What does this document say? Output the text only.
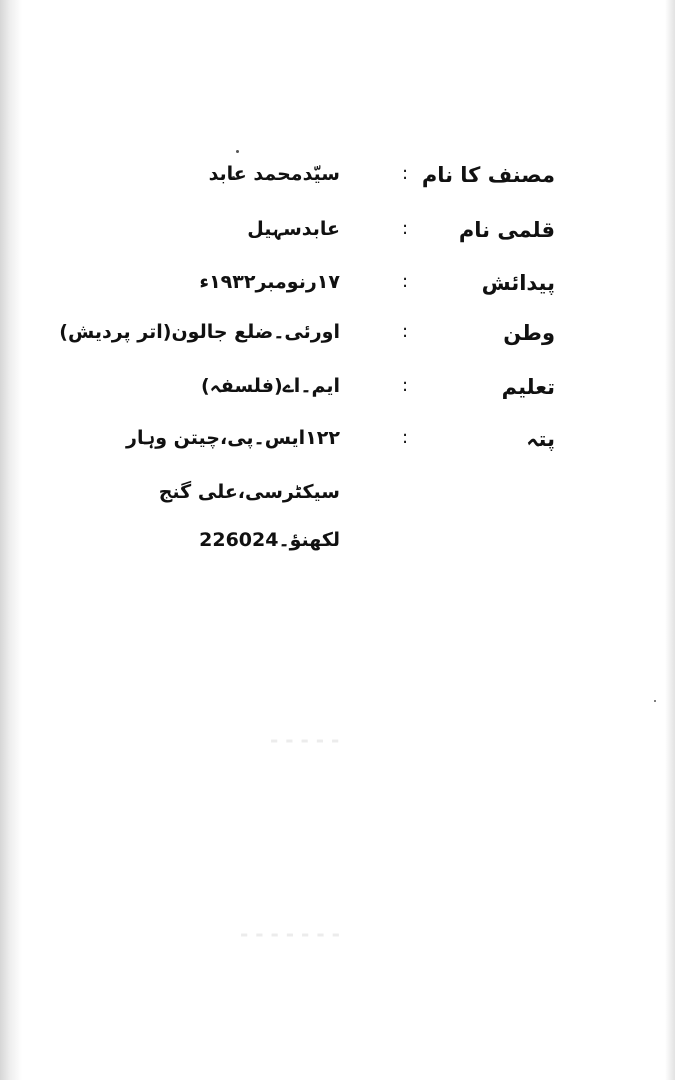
- - - - -
- - - - - - -
مصنف کا نام
:
سیّدمحمد عابد
قلمی نام
:
عابدسہیل
پیدائش
:
۱۷رنومبر۱۹۳۲ء
وطن
:
اورئی۔ضلع جالون(اتر پردیش)
تعلیم
:
ایم۔اے(فلسفہ)
پتہ
:
۱۲۲ایس۔پی،چیتن وہار
سیکٹرسی،علی گنج
لکھنؤ۔226024
